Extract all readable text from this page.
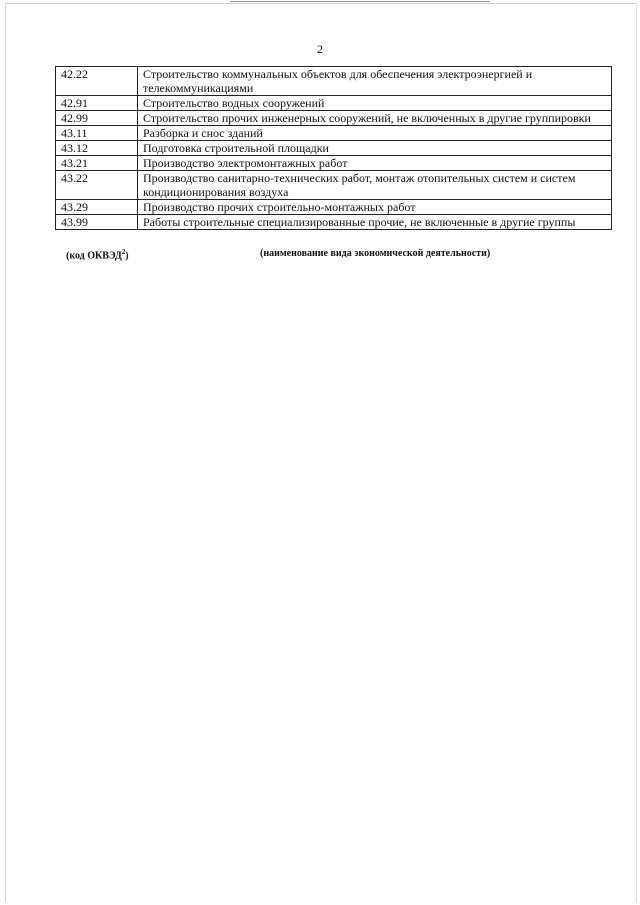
2
42.22	Строительство коммунальных объектов для обеспечения электроэнергией и телекоммуникациями
42.91	Строительство водных сооружений
42.99	Строительство прочих инженерных сооружений, не включенных в другие группировки
43.11	Разборка и снос зданий
43.12	Подготовка строительной площадки
43.21	Производство электромонтажных работ
43.22	Производство санитарно-технических работ, монтаж отопительных систем и систем кондиционирования воздуха
43.29	Производство прочих строительно-монтажных работ
43.99	Работы строительные специализированные прочие, не включенные в другие группы
(код ОКВЭД$^2$)	(наименование вида экономической деятельности)
